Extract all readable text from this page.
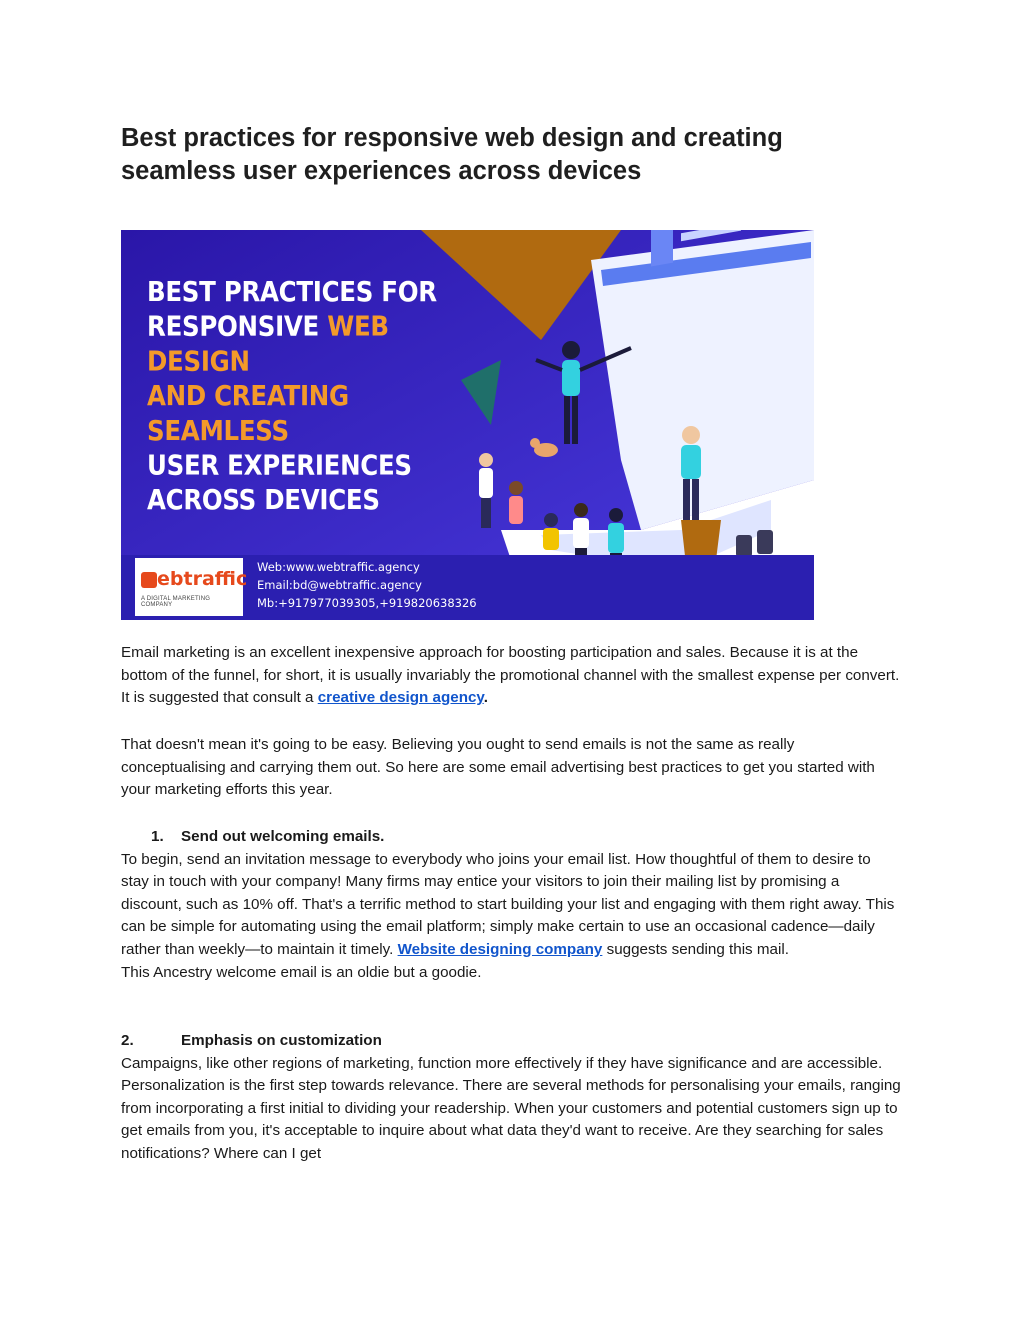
Best practices for responsive web design and creating seamless user experiences across devices
BEST PRACTICES FOR
RESPONSIVE WEB DESIGN
AND CREATING SEAMLESS
USER EXPERIENCES
ACROSS DEVICES
ebtraffic
A DIGITAL MARKETING COMPANY
Web:www.webtraffic.agency
Email:bd@webtraffic.agency
Mb:+917977039305,+919820638326

Email marketing is an excellent inexpensive approach for boosting participation and sales. Because it is at the bottom of the funnel, for short, it is usually invariably the promotional channel with the smallest expense per convert. It is suggested that consult a creative design agency.

That doesn't mean it's going to be easy. Believing you ought to send emails is not the same as really conceptualising and carrying them out. So here are some email advertising best practices to get you started with your marketing efforts this year.

1. Send out welcoming emails.
To begin, send an invitation message to everybody who joins your email list. How thoughtful of them to desire to stay in touch with your company! Many firms may entice your visitors to join their mailing list by promising a discount, such as 10% off. That's a terrific method to start building your list and engaging with them right away. This can be simple for automating using the email platform; simply make certain to use an occasional cadence—daily rather than weekly—to maintain it timely. Website designing company suggests sending this mail.
This Ancestry welcome email is an oldie but a goodie.
2.	Emphasis on customization
Campaigns, like other regions of marketing, function more effectively if they have significance and are accessible. Personalization is the first step towards relevance. There are several methods for personalising your emails, ranging from incorporating a first initial to dividing your readership. When your customers and potential customers sign up to get emails from you, it's acceptable to inquire about what data they'd want to receive. Are they searching for sales notifications? Where can I get
